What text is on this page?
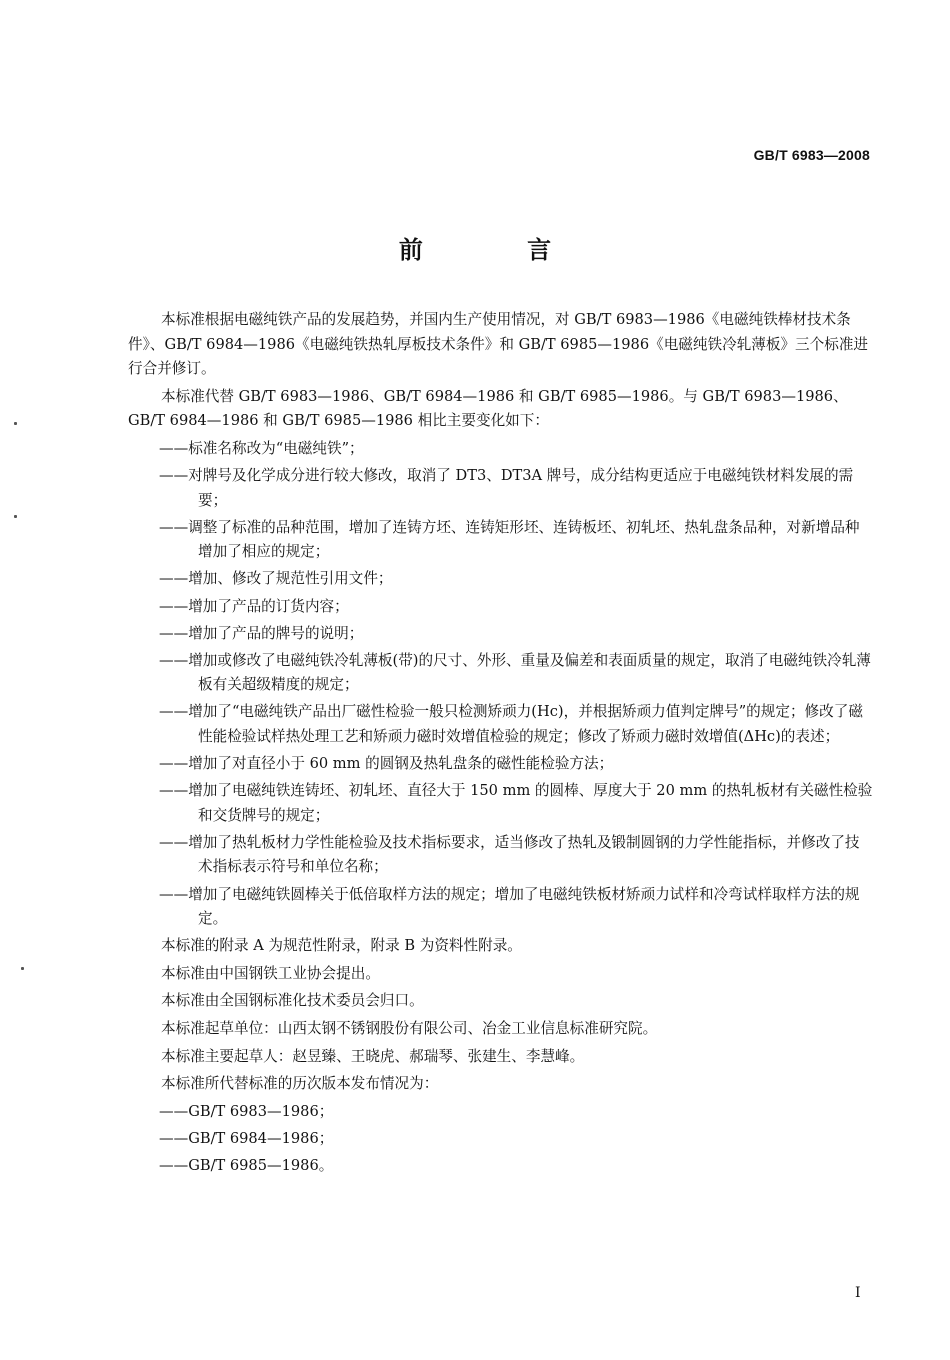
GB/T 6983—2008
前 言
本标准根据电磁纯铁产品的发展趋势，并国内生产使用情况，对 GB/T 6983—1986《电磁纯铁棒材技术条件》、GB/T 6984—1986《电磁纯铁热轧厚板技术条件》和 GB/T 6985—1986《电磁纯铁冷轧薄板》三个标准进行合并修订。
本标准代替 GB/T 6983—1986、GB/T 6984—1986 和 GB/T 6985—1986。与 GB/T 6983—1986、GB/T 6984—1986 和 GB/T 6985—1986 相比主要变化如下：
——标准名称改为“电磁纯铁”；
——对牌号及化学成分进行较大修改，取消了 DT3、DT3A 牌号，成分结构更适应于电磁纯铁材料发展的需要；
——调整了标准的品种范围，增加了连铸方坯、连铸矩形坯、连铸板坯、初轧坯、热轧盘条品种，对新增品种增加了相应的规定；
——增加、修改了规范性引用文件；
——增加了产品的订货内容；
——增加了产品的牌号的说明；
——增加或修改了电磁纯铁冷轧薄板(带)的尺寸、外形、重量及偏差和表面质量的规定，取消了电磁纯铁冷轧薄板有关超级精度的规定；
——增加了“电磁纯铁产品出厂磁性检验一般只检测矫顽力(Hc)，并根据矫顽力值判定牌号”的规定；修改了磁性能检验试样热处理工艺和矫顽力磁时效增值检验的规定；修改了矫顽力磁时效增值(ΔHc)的表述；
——增加了对直径小于 60 mm 的圆钢及热轧盘条的磁性能检验方法；
——增加了电磁纯铁连铸坯、初轧坯、直径大于 150 mm 的圆棒、厚度大于 20 mm 的热轧板材有关磁性检验和交货牌号的规定；
——增加了热轧板材力学性能检验及技术指标要求，适当修改了热轧及锻制圆钢的力学性能指标，并修改了技术指标表示符号和单位名称；
——增加了电磁纯铁圆棒关于低倍取样方法的规定；增加了电磁纯铁板材矫顽力试样和冷弯试样取样方法的规定。
本标准的附录 A 为规范性附录，附录 B 为资料性附录。
本标准由中国钢铁工业协会提出。
本标准由全国钢标准化技术委员会归口。
本标准起草单位：山西太钢不锈钢股份有限公司、冶金工业信息标准研究院。
本标准主要起草人：赵昱臻、王晓虎、郝瑞琴、张建生、李慧峰。
本标准所代替标准的历次版本发布情况为：
——GB/T 6983—1986；
——GB/T 6984—1986；
——GB/T 6985—1986。
I
